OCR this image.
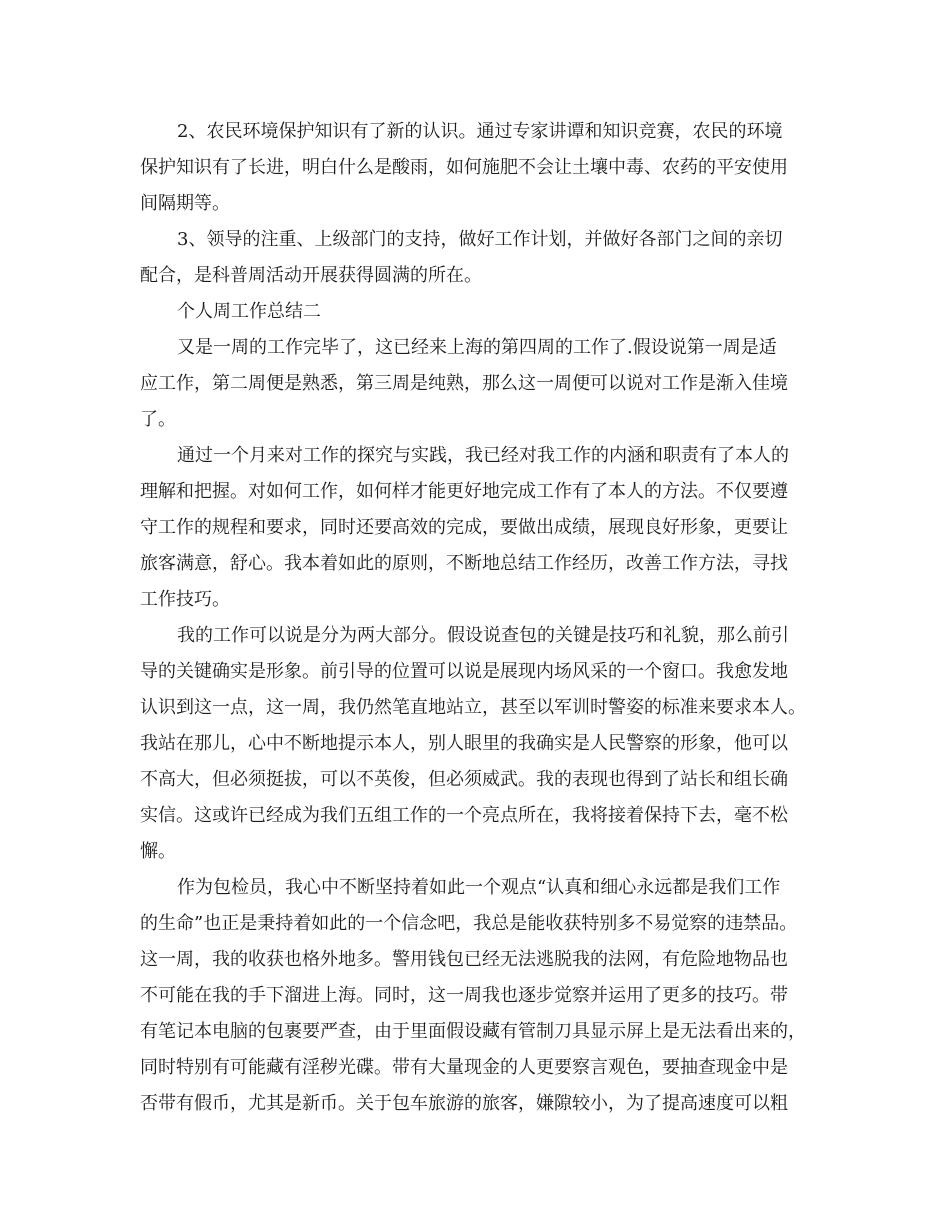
2、农民环境保护知识有了新的认识。通过专家讲谭和知识竞赛，农民的环境
保护知识有了长进，明白什么是酸雨，如何施肥不会让土壤中毒、农药的平安使用
间隔期等。
3、领导的注重、上级部门的支持，做好工作计划，并做好各部门之间的亲切
配合，是科普周活动开展获得圆满的所在。
个人周工作总结二
又是一周的工作完毕了，这已经来上海的第四周的工作了.假设说第一周是适
应工作，第二周便是熟悉，第三周是纯熟，那么这一周便可以说对工作是渐入佳境
了。
通过一个月来对工作的探究与实践，我已经对我工作的内涵和职责有了本人的
理解和把握。对如何工作，如何样才能更好地完成工作有了本人的方法。不仅要遵
守工作的规程和要求，同时还要高效的完成，要做出成绩，展现良好形象，更要让
旅客满意，舒心。我本着如此的原则，不断地总结工作经历，改善工作方法，寻找
工作技巧。
我的工作可以说是分为两大部分。假设说查包的关键是技巧和礼貌，那么前引
导的关键确实是形象。前引导的位置可以说是展现内场风采的一个窗口。我愈发地
认识到这一点，这一周，我仍然笔直地站立，甚至以军训时警姿的标准来要求本人。
我站在那儿，心中不断地提示本人，别人眼里的我确实是人民警察的形象，他可以
不高大，但必须挺拔，可以不英俊，但必须威武。我的表现也得到了站长和组长确
实信。这或许已经成为我们五组工作的一个亮点所在，我将接着保持下去，毫不松
懈。
作为包检员，我心中不断坚持着如此一个观点“认真和细心永远都是我们工作
的生命”也正是秉持着如此的一个信念吧，我总是能收获特别多不易觉察的违禁品。
这一周，我的收获也格外地多。警用钱包已经无法逃脱我的法网，有危险地物品也
不可能在我的手下溜进上海。同时，这一周我也逐步觉察并运用了更多的技巧。带
有笔记本电脑的包裹要严查，由于里面假设藏有管制刀具显示屏上是无法看出来的，
同时特别有可能藏有淫秽光碟。带有大量现金的人更要察言观色，要抽查现金中是
否带有假币，尤其是新币。关于包车旅游的旅客，嫌隙较小，为了提高速度可以粗
